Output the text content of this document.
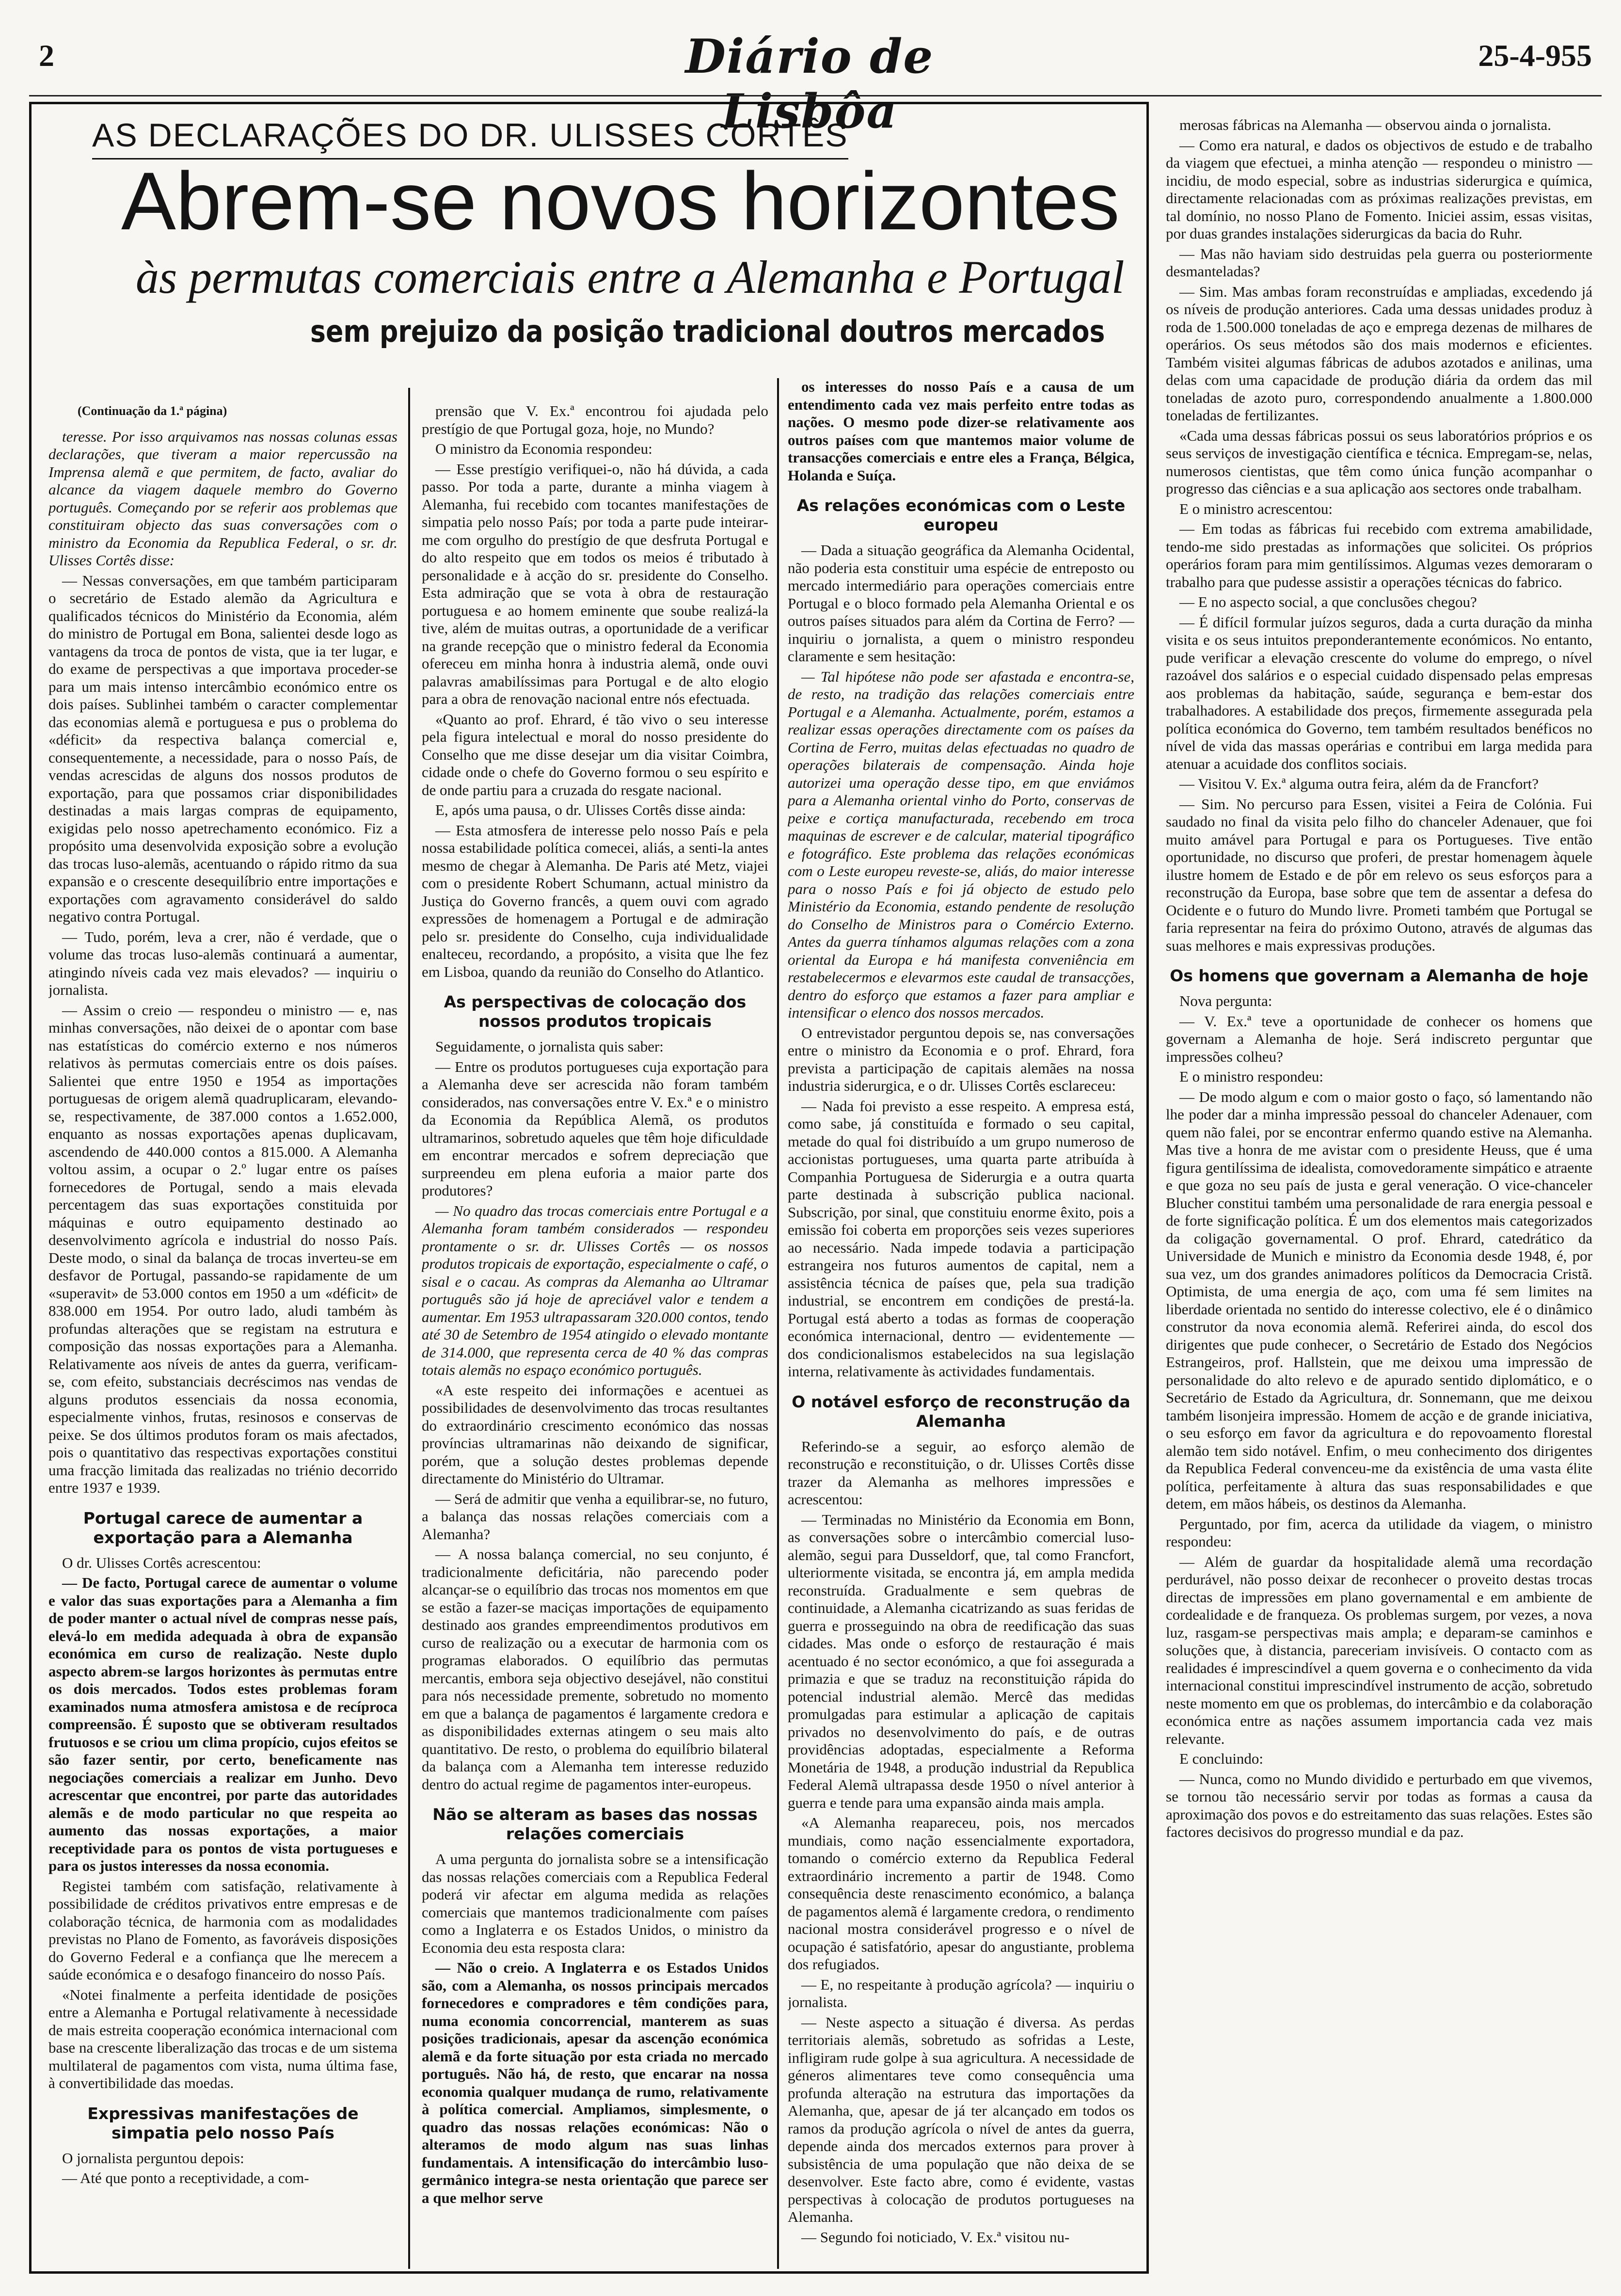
2	Diário de Lisbôa
25-4-955
AS DECLARAÇÕES DO DR. ULISSES CORTÊS
Abrem-se novos horizontes
às permutas comerciais entre a Alemanha e Portugal
sem prejuizo da posição tradicional doutros mercados

(Continuação da 1.ª página)

teresse. Por isso arquivamos nas nossas colunas essas declarações, que tiveram a maior repercussão na Imprensa alemã e que permitem, de facto, avaliar do alcance da viagem daquele membro do Governo português. Começando por se referir aos problemas que constituiram objecto das suas conversações com o ministro da Economia da Republica Federal, o sr. dr. Ulisses Cortês disse:

— Nessas conversações, em que também participaram o secretário de Estado alemão da Agricultura e qualificados técnicos do Ministério da Economia, além do ministro de Portugal em Bona, salientei desde logo as vantagens da troca de pontos de vista, que ia ter lugar, e do exame de perspectivas a que importava proceder-se para um mais intenso intercâmbio económico entre os dois países. Sublinhei também o caracter complementar das economias alemã e portuguesa e pus o problema do «déficit» da respectiva balança comercial e, consequentemente, a necessidade, para o nosso País, de vendas acrescidas de alguns dos nossos produtos de exportação, para que possamos criar disponibilidades destinadas a mais largas compras de equipamento, exigidas pelo nosso apetrechamento económico. Fiz a propósito uma desenvolvida exposição sobre a evolução das trocas luso-alemãs, acentuando o rápido ritmo da sua expansão e o crescente desequilíbrio entre importações e exportações com agravamento considerável do saldo negativo contra Portugal.

— Tudo, porém, leva a crer, não é verdade, que o volume das trocas luso-alemãs continuará a aumentar, atingindo níveis cada vez mais elevados? — inquiriu o jornalista.

— Assim o creio — respondeu o ministro — e, nas minhas conversações, não deixei de o apontar com base nas estatísticas do comércio externo e nos números relativos às permutas comerciais entre os dois países. Salientei que entre 1950 e 1954 as importações portuguesas de origem alemã quadruplicaram, elevando-se, respectivamente, de 387.000 contos a 1.652.000, enquanto as nossas exportações apenas duplicavam, ascendendo de 440.000 contos a 815.000. A Alemanha voltou assim, a ocupar o 2.º lugar entre os países fornecedores de Portugal, sendo a mais elevada percentagem das suas exportações constituida por máquinas e outro equipamento destinado ao desenvolvimento agrícola e industrial do nosso País. Deste modo, o sinal da balança de trocas inverteu-se em desfavor de Portugal, passando-se rapidamente de um «superavit» de 53.000 contos em 1950 a um «déficit» de 838.000 em 1954. Por outro lado, aludi também às profundas alterações que se registam na estrutura e composição das nossas exportações para a Alemanha. Relativamente aos níveis de antes da guerra, verificam-se, com efeito, substanciais decréscimos nas vendas de alguns produtos essenciais da nossa economia, especialmente vinhos, frutas, resinosos e conservas de peixe. Se dos últimos produtos foram os mais afectados, pois o quantitativo das respectivas exportações constitui uma fracção limitada das realizadas no triénio decorrido entre 1937 e 1939.

Portugal carece de aumentar a exportação para a Alemanha

O dr. Ulisses Cortês acrescentou:

— De facto, Portugal carece de aumentar o volume e valor das suas exportações para a Alemanha a fim de poder manter o actual nível de compras nesse país, elevá-lo em medida adequada à obra de expansão económica em curso de realização. Neste duplo aspecto abrem-se largos horizontes às permutas entre os dois mercados. Todos estes problemas foram examinados numa atmosfera amistosa e de recíproca compreensão. É suposto que se obtiveram resultados frutuosos e se criou um clima propício, cujos efeitos se são fazer sentir, por certo, beneficamente nas negociações comerciais a realizar em Junho. Devo acrescentar que encontrei, por parte das autoridades alemãs e de modo particular no que respeita ao aumento das nossas exportações, a maior receptividade para os pontos de vista portugueses e para os justos interesses da nossa economia.

Registei também com satisfação, relativamente à possibilidade de créditos privativos entre empresas e de colaboração técnica, de harmonia com as modalidades previstas no Plano de Fomento, as favoráveis disposições do Governo Federal e a confiança que lhe merecem a saúde económica e o desafogo financeiro do nosso País.

«Notei finalmente a perfeita identidade de posições entre a Alemanha e Portugal relativamente à necessidade de mais estreita cooperação económica internacional com base na crescente liberalização das trocas e de um sistema multilateral de pagamentos com vista, numa última fase, à convertibilidade das moedas.

Expressivas manifestações de simpatia pelo nosso País

O jornalista perguntou depois:

— Até que ponto a receptividade, a com-

prensão que V. Ex.ª encontrou foi ajudada pelo prestígio de que Portugal goza, hoje, no Mundo?

O ministro da Economia respondeu:

— Esse prestígio verifiquei-o, não há dúvida, a cada passo. Por toda a parte, durante a minha viagem à Alemanha, fui recebido com tocantes manifestações de simpatia pelo nosso País; por toda a parte pude inteirar-me com orgulho do prestígio de que desfruta Portugal e do alto respeito que em todos os meios é tributado à personalidade e à acção do sr. presidente do Conselho. Esta admiração que se vota à obra de restauração portuguesa e ao homem eminente que soube realizá-la tive, além de muitas outras, a oportunidade de a verificar na grande recepção que o ministro federal da Economia ofereceu em minha honra à industria alemã, onde ouvi palavras amabilíssimas para Portugal e de alto elogio para a obra de renovação nacional entre nós efectuada.

«Quanto ao prof. Ehrard, é tão vivo o seu interesse pela figura intelectual e moral do nosso presidente do Conselho que me disse desejar um dia visitar Coimbra, cidade onde o chefe do Governo formou o seu espírito e de onde partiu para a cruzada do resgate nacional.

E, após uma pausa, o dr. Ulisses Cortês disse ainda:

— Esta atmosfera de interesse pelo nosso País e pela nossa estabilidade política comecei, aliás, a senti-la antes mesmo de chegar à Alemanha. De Paris até Metz, viajei com o presidente Robert Schumann, actual ministro da Justiça do Governo francês, a quem ouvi com agrado expressões de homenagem a Portugal e de admiração pelo sr. presidente do Conselho, cuja individualidade enalteceu, recordando, a propósito, a visita que lhe fez em Lisboa, quando da reunião do Conselho do Atlantico.

As perspectivas de colocação dos nossos produtos tropicais

Seguidamente, o jornalista quis saber:

— Entre os produtos portugueses cuja exportação para a Alemanha deve ser acrescida não foram também considerados, nas conversações entre V. Ex.ª e o ministro da Economia da República Alemã, os produtos ultramarinos, sobretudo aqueles que têm hoje dificuldade em encontrar mercados e sofrem depreciação que surpreendeu em plena euforia a maior parte dos produtores?

— No quadro das trocas comerciais entre Portugal e a Alemanha foram também considerados — respondeu prontamente o sr. dr. Ulisses Cortês — os nossos produtos tropicais de exportação, especialmente o café, o sisal e o cacau. As compras da Alemanha ao Ultramar português são já hoje de apreciável valor e tendem a aumentar. Em 1953 ultrapassaram 320.000 contos, tendo até 30 de Setembro de 1954 atingido o elevado montante de 314.000, que representa cerca de 40 % das compras totais alemãs no espaço económico português.

«A este respeito dei informações e acentuei as possibilidades de desenvolvimento das trocas resultantes do extraordinário crescimento económico das nossas províncias ultramarinas não deixando de significar, porém, que a solução destes problemas depende directamente do Ministério do Ultramar.

— Será de admitir que venha a equilibrar-se, no futuro, a balança das nossas relações comerciais com a Alemanha?

— A nossa balança comercial, no seu conjunto, é tradicionalmente deficitária, não parecendo poder alcançar-se o equilíbrio das trocas nos momentos em que se estão a fazer-se maciças importações de equipamento destinado aos grandes empreendimentos produtivos em curso de realização ou a executar de harmonia com os programas elaborados. O equilíbrio das permutas mercantis, embora seja objectivo desejável, não constitui para nós necessidade premente, sobretudo no momento em que a balança de pagamentos é largamente credora e as disponibilidades externas atingem o seu mais alto quantitativo. De resto, o problema do equilíbrio bilateral da balança com a Alemanha tem interesse reduzido dentro do actual regime de pagamentos inter-europeus.

Não se alteram as bases das nossas relações comerciais

A uma pergunta do jornalista sobre se a intensificação das nossas relações comerciais com a Republica Federal poderá vir afectar em alguma medida as relações comerciais que mantemos tradicionalmente com países como a Inglaterra e os Estados Unidos, o ministro da Economia deu esta resposta clara:

— Não o creio. A Inglaterra e os Estados Unidos são, com a Alemanha, os nossos principais mercados fornecedores e compradores e têm condições para, numa economia concorrencial, manterem as suas posições tradicionais, apesar da ascenção económica alemã e da forte situação por esta criada no mercado português. Não há, de resto, que encarar na nossa economia qualquer mudança de rumo, relativamente à política comercial. Ampliamos, simplesmente, o quadro das nossas relações económicas: Não o alteramos de modo algum nas suas linhas fundamentais. A intensificação do intercâmbio luso-germânico integra-se nesta orientação que parece ser a que melhor serve

os interesses do nosso País e a causa de um entendimento cada vez mais perfeito entre todas as nações. O mesmo pode dizer-se relativamente aos outros países com que mantemos maior volume de transacções comerciais e entre eles a França, Bélgica, Holanda e Suíça.

As relações económicas com o Leste europeu

— Dada a situação geográfica da Alemanha Ocidental, não poderia esta constituir uma espécie de entreposto ou mercado intermediário para operações comerciais entre Portugal e o bloco formado pela Alemanha Oriental e os outros países situados para além da Cortina de Ferro? — inquiriu o jornalista, a quem o ministro respondeu claramente e sem hesitação:

— Tal hipótese não pode ser afastada e encontra-se, de resto, na tradição das relações comerciais entre Portugal e a Alemanha. Actualmente, porém, estamos a realizar essas operações directamente com os países da Cortina de Ferro, muitas delas efectuadas no quadro de operações bilaterais de compensação. Ainda hoje autorizei uma operação desse tipo, em que enviámos para a Alemanha oriental vinho do Porto, conservas de peixe e cortiça manufacturada, recebendo em troca maquinas de escrever e de calcular, material tipográfico e fotográfico. Este problema das relações económicas com o Leste europeu reveste-se, aliás, do maior interesse para o nosso País e foi já objecto de estudo pelo Ministério da Economia, estando pendente de resolução do Conselho de Ministros para o Comércio Externo. Antes da guerra tínhamos algumas relações com a zona oriental da Europa e há manifesta conveniência em restabelecermos e elevarmos este caudal de transacções, dentro do esforço que estamos a fazer para ampliar e intensificar o elenco dos nossos mercados.

O entrevistador perguntou depois se, nas conversações entre o ministro da Economia e o prof. Ehrard, fora prevista a participação de capitais alemães na nossa industria siderurgica, e o dr. Ulisses Cortês esclareceu:

— Nada foi previsto a esse respeito. A empresa está, como sabe, já constituída e formado o seu capital, metade do qual foi distribuído a um grupo numeroso de accionistas portugueses, uma quarta parte atribuída à Companhia Portuguesa de Siderurgia e a outra quarta parte destinada à subscrição publica nacional. Subscrição, por sinal, que constituiu enorme êxito, pois a emissão foi coberta em proporções seis vezes superiores ao necessário. Nada impede todavia a participação estrangeira nos futuros aumentos de capital, nem a assistência técnica de países que, pela sua tradição industrial, se encontrem em condições de prestá-la. Portugal está aberto a todas as formas de cooperação económica internacional, dentro — evidentemente — dos condicionalismos estabelecidos na sua legislação interna, relativamente às actividades fundamentais.

O notável esforço de reconstrução da Alemanha

Referindo-se a seguir, ao esforço alemão de reconstrução e reconstituição, o dr. Ulisses Cortês disse trazer da Alemanha as melhores impressões e acrescentou:

— Terminadas no Ministério da Economia em Bonn, as conversações sobre o intercâmbio comercial luso-alemão, segui para Dusseldorf, que, tal como Francfort, ulteriormente visitada, se encontra já, em ampla medida reconstruída. Gradualmente e sem quebras de continuidade, a Alemanha cicatrizando as suas feridas de guerra e prosseguindo na obra de reedificação das suas cidades. Mas onde o esforço de restauração é mais acentuado é no sector económico, a que foi assegurada a primazia e que se traduz na reconstituição rápida do potencial industrial alemão. Mercê das medidas promulgadas para estimular a aplicação de capitais privados no desenvolvimento do país, e de outras providências adoptadas, especialmente a Reforma Monetária de 1948, a produção industrial da Republica Federal Alemã ultrapassa desde 1950 o nível anterior à guerra e tende para uma expansão ainda mais ampla.

«A Alemanha reapareceu, pois, nos mercados mundiais, como nação essencialmente exportadora, tomando o comércio externo da Republica Federal extraordinário incremento a partir de 1948. Como consequência deste renascimento económico, a balança de pagamentos alemã é largamente credora, o rendimento nacional mostra considerável progresso e o nível de ocupação é satisfatório, apesar do angustiante, problema dos refugiados.

— E, no respeitante à produção agrícola? — inquiriu o jornalista.

— Neste aspecto a situação é diversa. As perdas territoriais alemãs, sobretudo as sofridas a Leste, infligiram rude golpe à sua agricultura. A necessidade de géneros alimentares teve como consequência uma profunda alteração na estrutura das importações da Alemanha, que, apesar de já ter alcançado em todos os ramos da produção agrícola o nível de antes da guerra, depende ainda dos mercados externos para prover à subsistência de uma população que não deixa de se desenvolver. Este facto abre, como é evidente, vastas perspectivas à colocação de produtos portugueses na Alemanha.

— Segundo foi noticiado, V. Ex.ª visitou nu-

merosas fábricas na Alemanha — observou ainda o jornalista.

— Como era natural, e dados os objectivos de estudo e de trabalho da viagem que efectuei, a minha atenção — respondeu o ministro — incidiu, de modo especial, sobre as industrias siderurgica e química, directamente relacionadas com as próximas realizações previstas, em tal domínio, no nosso Plano de Fomento. Iniciei assim, essas visitas, por duas grandes instalações siderurgicas da bacia do Ruhr.

— Mas não haviam sido destruidas pela guerra ou posteriormente desmanteladas?

— Sim. Mas ambas foram reconstruídas e ampliadas, excedendo já os níveis de produção anteriores. Cada uma dessas unidades produz à roda de 1.500.000 toneladas de aço e emprega dezenas de milhares de operários. Os seus métodos são dos mais modernos e eficientes. Também visitei algumas fábricas de adubos azotados e anilinas, uma delas com uma capacidade de produção diária da ordem das mil toneladas de azoto puro, correspondendo anualmente a 1.800.000 toneladas de fertilizantes.

«Cada uma dessas fábricas possui os seus laboratórios próprios e os seus serviços de investigação científica e técnica. Empregam-se, nelas, numerosos cientistas, que têm como única função acompanhar o progresso das ciências e a sua aplicação aos sectores onde trabalham.

E o ministro acrescentou:

— Em todas as fábricas fui recebido com extrema amabilidade, tendo-me sido prestadas as informações que solicitei. Os próprios operários foram para mim gentilíssimos. Algumas vezes demoraram o trabalho para que pudesse assistir a operações técnicas do fabrico.

— E no aspecto social, a que conclusões chegou?

— É difícil formular juízos seguros, dada a curta duração da minha visita e os seus intuitos preponderantemente económicos. No entanto, pude verificar a elevação crescente do volume do emprego, o nível razoável dos salários e o especial cuidado dispensado pelas empresas aos problemas da habitação, saúde, segurança e bem-estar dos trabalhadores. A estabilidade dos preços, firmemente assegurada pela política económica do Governo, tem também resultados benéficos no nível de vida das massas operárias e contribui em larga medida para atenuar a acuidade dos conflitos sociais.

— Visitou V. Ex.ª alguma outra feira, além da de Francfort?

— Sim. No percurso para Essen, visitei a Feira de Colónia. Fui saudado no final da visita pelo filho do chanceler Adenauer, que foi muito amável para Portugal e para os Portugueses. Tive então oportunidade, no discurso que proferi, de prestar homenagem àquele ilustre homem de Estado e de pôr em relevo os seus esforços para a reconstrução da Europa, base sobre que tem de assentar a defesa do Ocidente e o futuro do Mundo livre. Prometi também que Portugal se faria representar na feira do próximo Outono, através de algumas das suas melhores e mais expressivas produções.

Os homens que governam a Alemanha de hoje

Nova pergunta:

— V. Ex.ª teve a oportunidade de conhecer os homens que governam a Alemanha de hoje. Será indiscreto perguntar que impressões colheu?

E o ministro respondeu:

— De modo algum e com o maior gosto o faço, só lamentando não lhe poder dar a minha impressão pessoal do chanceler Adenauer, com quem não falei, por se encontrar enfermo quando estive na Alemanha. Mas tive a honra de me avistar com o presidente Heuss, que é uma figura gentilíssima de idealista, comovedoramente simpático e atraente e que goza no seu país de justa e geral veneração. O vice-chanceler Blucher constitui também uma personalidade de rara energia pessoal e de forte significação política. É um dos elementos mais categorizados da coligação governamental. O prof. Ehrard, catedrático da Universidade de Munich e ministro da Economia desde 1948, é, por sua vez, um dos grandes animadores políticos da Democracia Cristã. Optimista, de uma energia de aço, com uma fé sem limites na liberdade orientada no sentido do interesse colectivo, ele é o dinâmico construtor da nova economia alemã. Referirei ainda, do escol dos dirigentes que pude conhecer, o Secretário de Estado dos Negócios Estrangeiros, prof. Hallstein, que me deixou uma impressão de personalidade do alto relevo e de apurado sentido diplomático, e o Secretário de Estado da Agricultura, dr. Sonnemann, que me deixou também lisonjeira impressão. Homem de acção e de grande iniciativa, o seu esforço em favor da agricultura e do repovoamento florestal alemão tem sido notável. Enfim, o meu conhecimento dos dirigentes da Republica Federal convenceu-me da existência de uma vasta élite política, perfeitamente à altura das suas responsabilidades e que detem, em mãos hábeis, os destinos da Alemanha.

Perguntado, por fim, acerca da utilidade da viagem, o ministro respondeu:

— Além de guardar da hospitalidade alemã uma recordação perdurável, não posso deixar de reconhecer o proveito destas trocas directas de impressões em plano governamental e em ambiente de cordealidade e de franqueza. Os problemas surgem, por vezes, a nova luz, rasgam-se perspectivas mais ampla; e deparam-se caminhos e soluções que, à distancia, pareceriam invisíveis. O contacto com as realidades é imprescindível a quem governa e o conhecimento da vida internacional constitui imprescindível instrumento de acção, sobretudo neste momento em que os problemas, do intercâmbio e da colaboração económica entre as nações assumem importancia cada vez mais relevante.

E concluindo:

— Nunca, como no Mundo dividido e perturbado em que vivemos, se tornou tão necessário servir por todas as formas a causa da aproximação dos povos e do estreitamento das suas relações. Estes são factores decisivos do progresso mundial e da paz.
